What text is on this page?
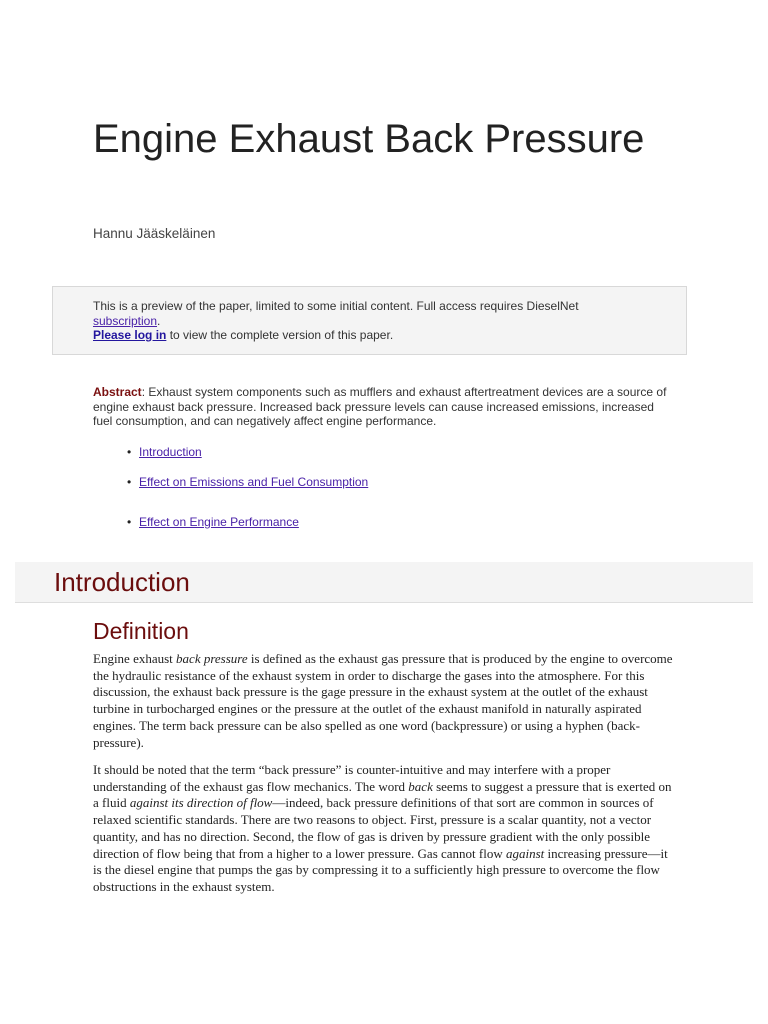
Engine Exhaust Back Pressure
Hannu Jääskeläinen
This is a preview of the paper, limited to some initial content. Full access requires DieselNet subscription.
Please log in to view the complete version of this paper.

Abstract: Exhaust system components such as mufflers and exhaust aftertreatment devices are a source of engine exhaust back pressure. Increased back pressure levels can cause increased emissions, increased fuel consumption, and can negatively affect engine performance.

• Introduction
• Effect on Emissions and Fuel Consumption
• Effect on Engine Performance
Introduction
Definition

Engine exhaust back pressure is defined as the exhaust gas pressure that is produced by the engine to overcome the hydraulic resistance of the exhaust system in order to discharge the gases into the atmosphere. For this discussion, the exhaust back pressure is the gage pressure in the exhaust system at the outlet of the exhaust turbine in turbocharged engines or the pressure at the outlet of the exhaust manifold in naturally aspirated engines. The term back pressure can be also spelled as one word (backpressure) or using a hyphen (back-pressure).

It should be noted that the term “back pressure” is counter-intuitive and may interfere with a proper understanding of the exhaust gas flow mechanics. The word back seems to suggest a pressure that is exerted on a fluid against its direction of flow—indeed, back pressure definitions of that sort are common in sources of relaxed scientific standards. There are two reasons to object. First, pressure is a scalar quantity, not a vector quantity, and has no direction. Second, the flow of gas is driven by pressure gradient with the only possible direction of flow being that from a higher to a lower pressure. Gas cannot flow against increasing pressure—it is the diesel engine that pumps the gas by compressing it to a sufficiently high pressure to overcome the flow obstructions in the exhaust system.
